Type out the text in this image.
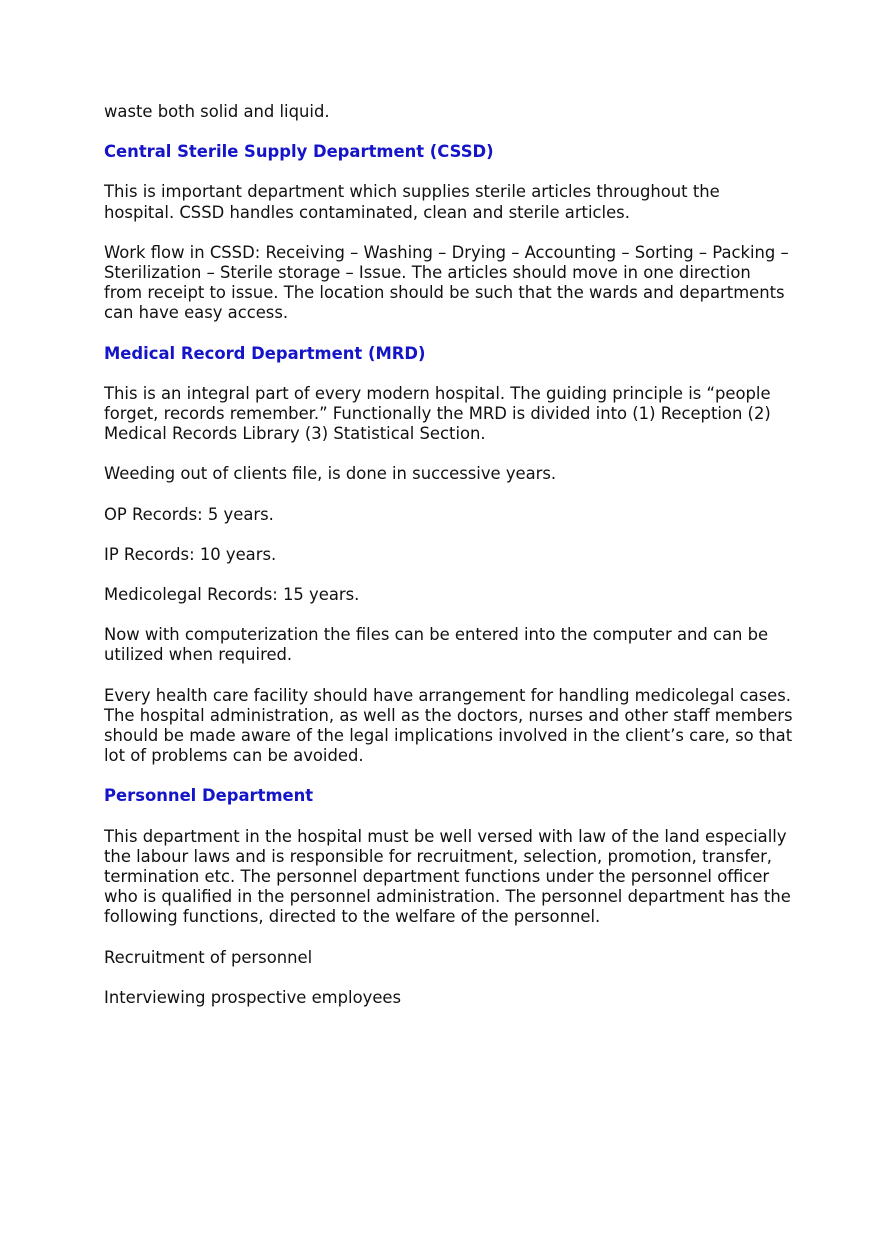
waste both solid and liquid.

Central Sterile Supply Department (CSSD)

This is important department which supplies sterile articles throughout the hospital. CSSD handles contaminated, clean and sterile articles.

Work flow in CSSD: Receiving – Washing – Drying – Accounting – Sorting – Packing – Sterilization – Sterile storage – Issue. The articles should move in one direction from receipt to issue. The location should be such that the wards and departments can have easy access.

Medical Record Department (MRD)

This is an integral part of every modern hospital. The guiding principle is “people forget, records remember.” Functionally the MRD is divided into (1) Reception (2) Medical Records Library (3) Statistical Section.

Weeding out of clients file, is done in successive years.

OP Records: 5 years.

IP Records: 10 years.

Medicolegal Records: 15 years.

Now with computerization the files can be entered into the computer and can be utilized when required.

Every health care facility should have arrangement for handling medicolegal cases. The hospital administration, as well as the doctors, nurses and other staff members should be made aware of the legal implications involved in the client’s care, so that lot of problems can be avoided.

Personnel Department

This department in the hospital must be well versed with law of the land especially the labour laws and is responsible for recruitment, selection, promotion, transfer, termination etc. The personnel department functions under the personnel ofﬁcer who is qualified in the personnel administration. The personnel department has the following functions, directed to the welfare of the personnel.

Recruitment of personnel

Interviewing prospective employees
